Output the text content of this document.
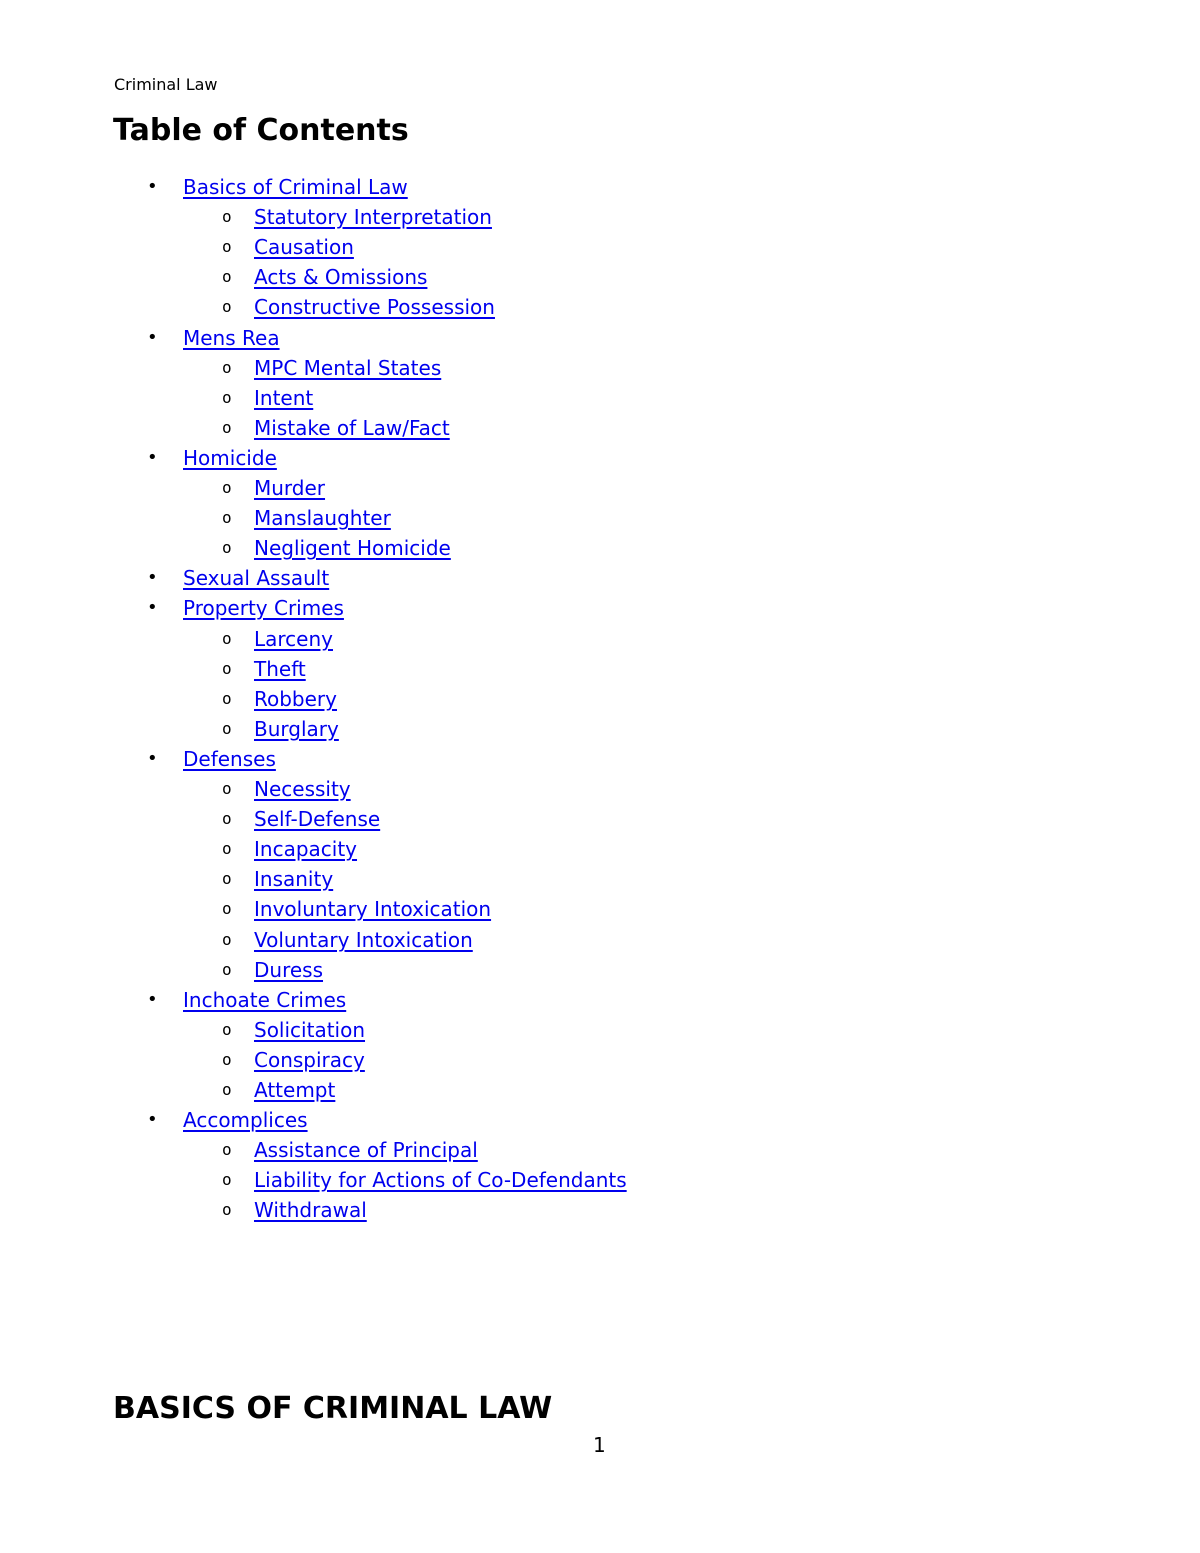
Criminal Law
Table of Contents
• Basics of Criminal Law
o Statutory Interpretation
o Causation
o Acts & Omissions
o Constructive Possession
• Mens Rea
o MPC Mental States
o Intent
o Mistake of Law/Fact
• Homicide
o Murder
o Manslaughter
o Negligent Homicide
• Sexual Assault
• Property Crimes
o Larceny
o Theft
o Robbery
o Burglary
• Defenses
o Necessity
o Self-Defense
o Incapacity
o Insanity
o Involuntary Intoxication
o Voluntary Intoxication
o Duress
• Inchoate Crimes
o Solicitation
o Conspiracy
o Attempt
• Accomplices
o Assistance of Principal
o Liability for Actions of Co-Defendants
o Withdrawal
BASICS OF CRIMINAL LAW
1
